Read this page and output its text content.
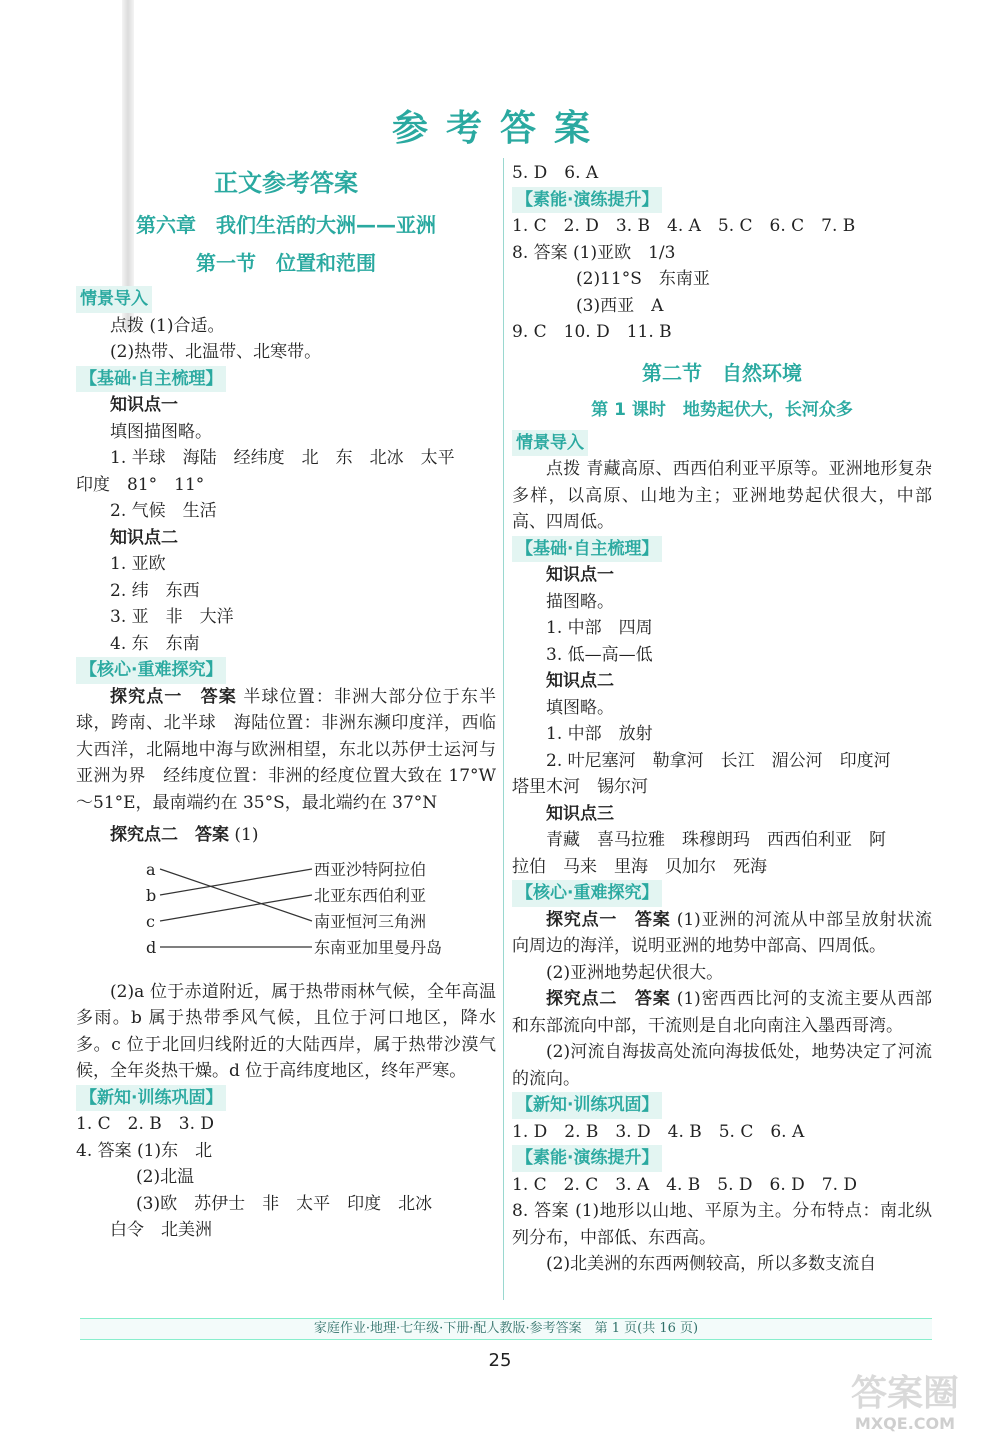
参考答案
正文参考答案
第六章　我们生活的大洲——亚洲
第一节　位置和范围
情景导入
点拨 (1)合适。
(2)热带、北温带、北寒带。
【基础·自主梳理】
知识点一
填图描图略。
1. 半球　海陆　经纬度　北　东　北冰　太平
印度　81°　11°
2. 气候　生活
知识点二
1. 亚欧
2. 纬　东西
3. 亚　非　大洋
4. 东　东南
【核心·重难探究】
探究点一　答案 半球位置：非洲大部分位于东半球，跨南、北半球　海陆位置：非洲东濒印度洋，西临大西洋，北隔地中海与欧洲相望，东北以苏伊士运河与亚洲为界　经纬度位置：非洲的经度位置大致在 17°W～51°E，最南端约在 35°S，最北端约在 37°N
探究点二　答案 (1)
a
b
c
d
西亚沙特阿拉伯
北亚东西伯利亚
南亚恒河三角洲
东南亚加里曼丹岛
(2)a 位于赤道附近，属于热带雨林气候，全年高温多雨。b 属于热带季风气候，且位于河口地区，降水多。c 位于北回归线附近的大陆西岸，属于热带沙漠气候，全年炎热干燥。d 位于高纬度地区，终年严寒。
【新知·训练巩固】
1. C　2. B　3. D
4. 答案 (1)东　北
(2)北温
(3)欧　苏伊士　非　太平　印度　北冰
白令　北美洲
5. D　6. A
【素能·演练提升】
1. C　2. D　3. B　4. A　5. C　6. C　7. B
8. 答案 (1)亚欧　1/3
(2)11°S　东南亚
(3)西亚　A
9. C　10. D　11. B
第二节　自然环境
第 1 课时　地势起伏大，长河众多
情景导入
点拨 青藏高原、西西伯利亚平原等。亚洲地形复杂多样，以高原、山地为主；亚洲地势起伏很大，中部高、四周低。
【基础·自主梳理】
知识点一
描图略。
1. 中部　四周
3. 低—高—低
知识点二
填图略。
1. 中部　放射
2. 叶尼塞河　勒拿河　长江　湄公河　印度河
塔里木河　锡尔河
知识点三
青藏　喜马拉雅　珠穆朗玛　西西伯利亚　阿
拉伯　马来　里海　贝加尔　死海
【核心·重难探究】
探究点一　答案 (1)亚洲的河流从中部呈放射状流向周边的海洋，说明亚洲的地势中部高、四周低。
(2)亚洲地势起伏很大。
探究点二　答案 (1)密西西比河的支流主要从西部和东部流向中部，干流则是自北向南注入墨西哥湾。
(2)河流自海拔高处流向海拔低处，地势决定了河流的流向。
【新知·训练巩固】
1. D　2. B　3. D　4. B　5. C　6. A
【素能·演练提升】
1. C　2. C　3. A　4. B　5. D　6. D　7. D
8. 答案 (1)地形以山地、平原为主。分布特点：南北纵列分布，中部低、东西高。
(2)北美洲的东西两侧较高，所以多数支流自
家庭作业·地理·七年级·下册·配人教版·参考答案　第 1 页(共 16 页)
25
答案圈
MXQE.COM
